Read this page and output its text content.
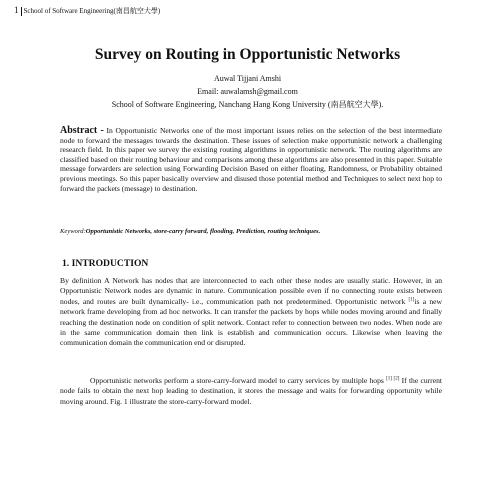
1 School of Software Engineering(南昌航空大學)
Survey on Routing in Opportunistic Networks
Auwal Tijjani Amshi
Email: auwalamsh@gmail.com
School of Software Engineering, Nanchang Hang Kong University (南昌航空大學).

Abstract - In Opportunistic Networks one of the most important issues relies on the selection of the best intermediate node to forward the messages towards the destination. These issues of selection make opportunistic network a challenging research field. In this paper we survey the existing routing algorithms in opportunistic network. The routing algorithms are classified based on their routing behaviour and comparisons among these algorithms are also presented in this paper. Suitable message forwarders are selection using Forwarding Decision Based on either floating, Randomness, or Probability obtained previous meetings. So this paper basically overview and disused those potential method and Techniques to select next hop to forward the packets (message) to destination.

Keyword:Opportunistic Networks, store-carry forward, flooding, Prediction, routing techniques.

1. INTRODUCTION

By definition A Network has nodes that are interconnected to each other these nodes are usually static. However, in an Opportunistic Network nodes are dynamic in nature. Communication possible even if no connecting route exists between nodes, and routes are built dynamically- i.e., communication path not predetermined. Opportunistic network [1]is a new network frame developing from ad hoc networks. It can transfer the packets by hops while nodes moving around and finally reaching the destination node on condition of split network. Contact refer to connection between two nodes. When node are in the same communication domain then link is establish and communication occurs. Likewise when leaving the communication domain the communication end or disrupted.

Opportunistic networks perform a store-carry-forward model to carry services by multiple hops [1] [2] If the current node fails to obtain the next hop leading to destination, it stores the message and waits for forwarding opportunity while moving around. Fig. 1 illustrate the store-carry-forward model.
